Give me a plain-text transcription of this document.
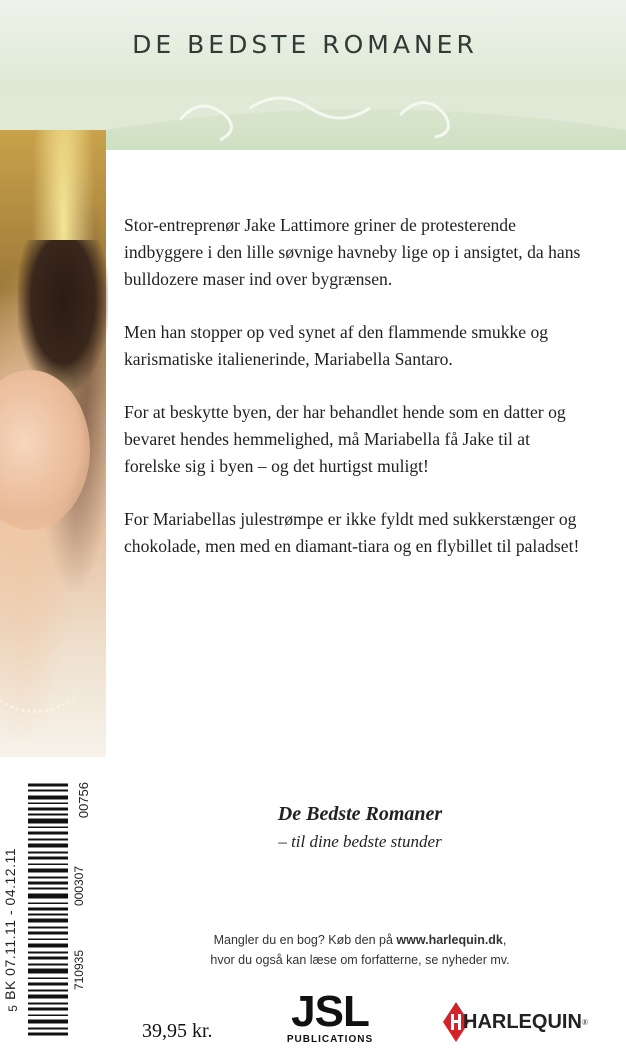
DE BEDSTE ROMANER

Stor-entreprenør Jake Lattimore griner de protesterende indbyggere i den lille søvnige havneby lige op i ansigtet, da hans bulldozere maser ind over bygrænsen.

Men han stopper op ved synet af den flammende smukke og karismatiske italienerinde, Mariabella Santaro.

For at beskytte byen, der har behandlet hende som en datter og bevaret hendes hemmelighed, må Mariabella få Jake til at forelske sig i byen – og det hurtigst muligt!

For Mariabellas julestrømpe er ikke fyldt med sukkerstænger og chokolade, men med en diamant-tiara og en flybillet til paladset!

De Bedste Romaner
– til dine bedste stunder
Mangler du en bog? Køb den på www.harlequin.dk,
hvor du også kan læse om forfatterne, se nyheder mv.
BK 07.11.11 - 04.12.11
5
710935
000307
00756
39,95 kr. JSL
PUBLICATIONS
HARLEQUIN ®
